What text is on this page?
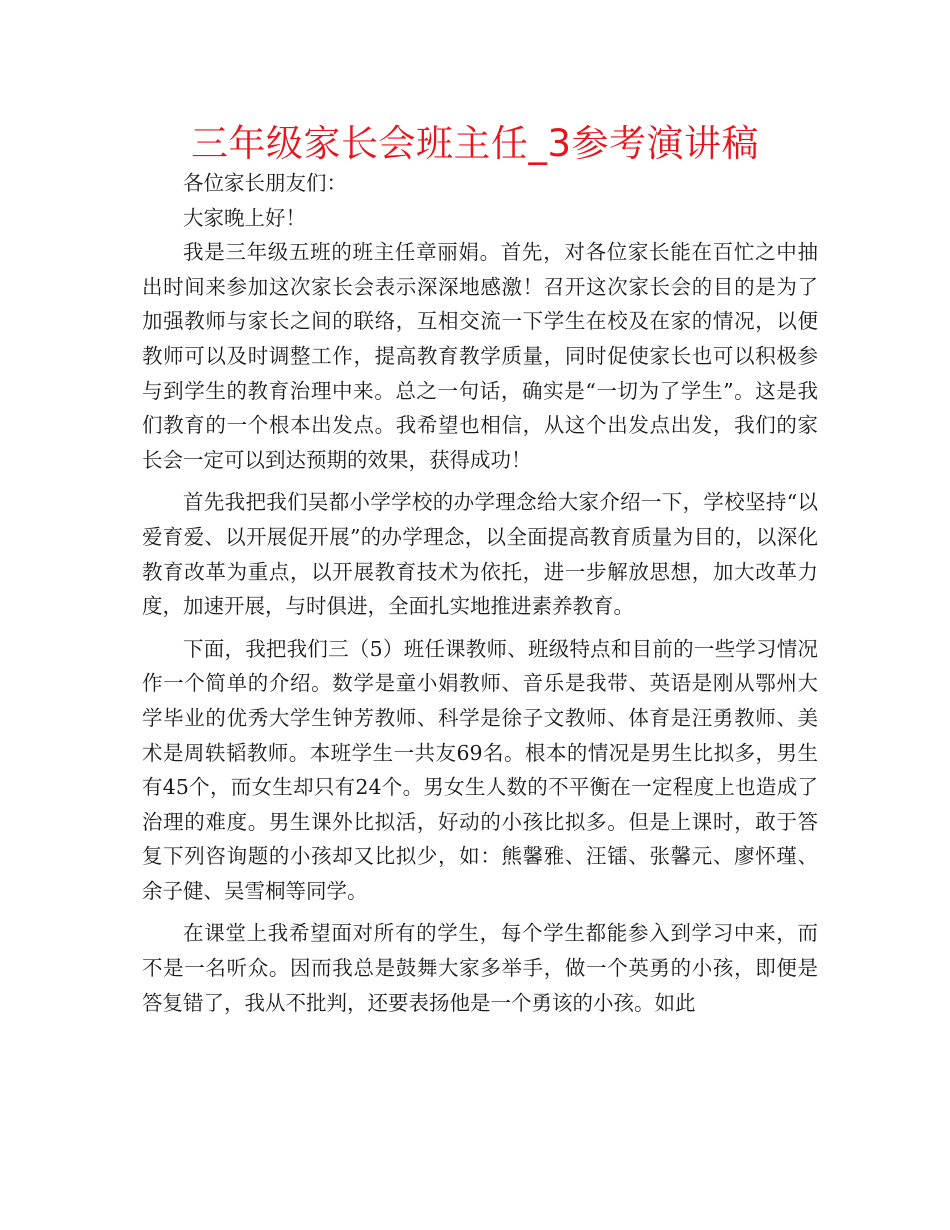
三年级家长会班主任_3参考演讲稿

各位家长朋友们：

大家晚上好！

我是三年级五班的班主任章丽娟。首先，对各位家长能在百忙之中抽出时间来参加这次家长会表示深深地感激！召开这次家长会的目的是为了加强教师与家长之间的联络，互相交流一下学生在校及在家的情况，以便教师可以及时调整工作，提高教育教学质量，同时促使家长也可以积极参与到学生的教育治理中来。总之一句话，确实是“一切为了学生”。这是我们教育的一个根本出发点。我希望也相信，从这个出发点出发，我们的家长会一定可以到达预期的效果，获得成功！

首先我把我们吴都小学学校的办学理念给大家介绍一下，学校坚持“以爱育爱、以开展促开展”的办学理念，以全面提高教育质量为目的，以深化教育改革为重点，以开展教育技术为依托，进一步解放思想，加大改革力度，加速开展，与时俱进，全面扎实地推进素养教育。

下面，我把我们三（5）班任课教师、班级特点和目前的一些学习情况作一个简单的介绍。数学是童小娟教师、音乐是我带、英语是刚从鄂州大学毕业的优秀大学生钟芳教师、科学是徐子文教师、体育是汪勇教师、美术是周轶韬教师。本班学生一共友69名。根本的情况是男生比拟多，男生有45个，而女生却只有24个。男女生人数的不平衡在一定程度上也造成了治理的难度。男生课外比拟活，好动的小孩比拟多。但是上课时，敢于答复下列咨询题的小孩却又比拟少，如：熊馨雅、汪镭、张馨元、廖怀瑾、余子健、吴雪桐等同学。

在课堂上我希望面对所有的学生，每个学生都能参入到学习中来，而不是一名听众。因而我总是鼓舞大家多举手，做一个英勇的小孩，即便是答复错了，我从不批判，还要表扬他是一个勇该的小孩。如此
